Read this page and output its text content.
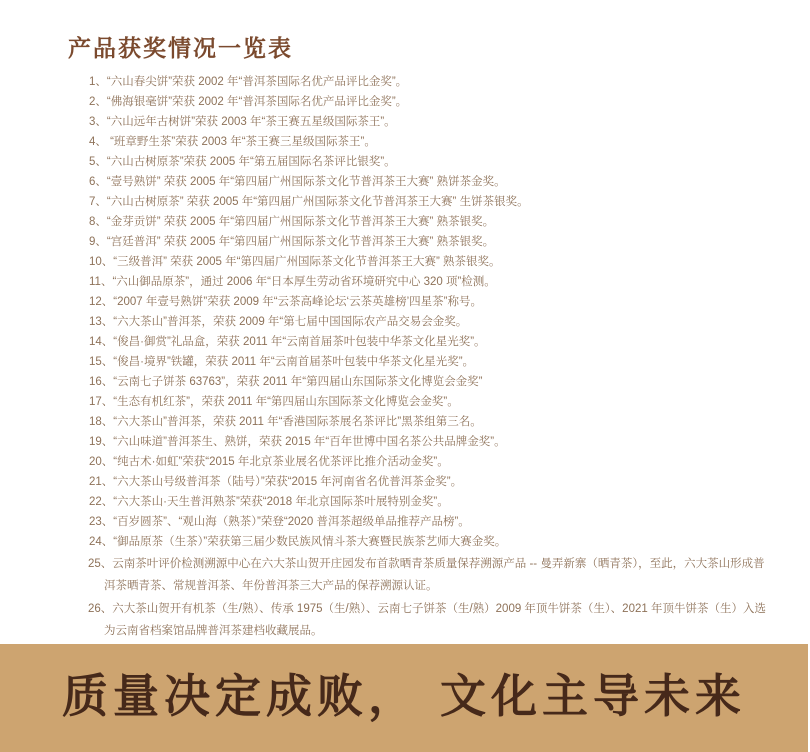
产品获奖情况一览表
1、“六山春尖饼”荣获 2002 年“普洱茶国际名优产品评比金奖”。
2、“佛海银毫饼”荣获 2002 年“普洱茶国际名优产品评比金奖”。
3、“六山远年古树饼”荣获 2003 年“茶王赛五星级国际茶王”。
4、 “班章野生茶”荣获 2003 年“茶王赛三星级国际茶王”。
5、“六山古树原茶”荣获 2005 年“第五届国际名茶评比银奖”。
6、“壹号熟饼” 荣获 2005 年“第四届广州国际茶文化节普洱茶王大赛” 熟饼茶金奖。
7、“六山古树原茶” 荣获 2005 年“第四届广州国际茶文化节普洱茶王大赛” 生饼茶银奖。
8、“金芽贡饼” 荣获 2005 年“第四届广州国际茶文化节普洱茶王大赛” 熟茶银奖。
9、“宫廷普洱” 荣获 2005 年“第四届广州国际茶文化节普洱茶王大赛” 熟茶银奖。
10、“三级普洱” 荣获 2005 年“第四届广州国际茶文化节普洱茶王大赛” 熟茶银奖。
11、“六山御品原茶”，通过 2006 年“日本厚生劳动省环境研究中心 320 项”检测。
12、“2007 年壹号熟饼”荣获 2009 年“云茶高峰论坛‘云茶英雄榜’四星茶”称号。
13、“六大茶山”普洱茶，荣获 2009 年“第七届中国国际农产品交易会金奖。
14、“俊昌·御赏”礼品盒，荣获 2011 年“云南首届茶叶包装中华茶文化星光奖”。
15、“俊昌·境界”铁罐，荣获 2011 年“云南首届茶叶包装中华茶文化星光奖”。
16、“云南七子饼茶 63763”，荣获 2011 年“第四届山东国际茶文化博览会金奖”
17、“生态有机红茶”，荣获 2011 年“第四届山东国际茶文化博览会金奖”。
18、“六大茶山”普洱茶，荣获 2011 年“香港国际茶展名茶评比”黑茶组第三名。
19、“六山味道”普洱茶生、熟饼，荣获 2015 年“百年世博中国名茶公共品牌金奖”。
20、“纯古术·如虹”荣获“2015 年北京茶业展名优茶评比推介活动金奖”。
21、“六大茶山号级普洱茶（陆号）”荣获“2015 年河南省名优普洱茶金奖”。
22、“六大茶山·天生普洱熟茶”荣获“2018 年北京国际茶叶展特别金奖”。
23、“百岁圆茶”、“观山海（熟茶）”荣登“2020 普洱茶超级单品推荐产品榜”。
24、“御品原茶（生茶）”荣获第三届少数民族风情斗茶大赛暨民族茶艺师大赛金奖。
25、云南茶叶评价检测溯源中心在六大茶山贺开庄园发布首款晒青茶质量保荐溯源产品 -- 曼弄新寨（晒青茶），至此，六大茶山形成普洱茶晒青茶、常规普洱茶、年份普洱茶三大产品的保荐溯源认证。
26、六大茶山贺开有机茶（生/熟）、传承 1975（生/熟）、云南七子饼茶（生/熟）2009 年顶牛饼茶（生）、2021 年顶牛饼茶（生）入选为云南省档案馆品牌普洱茶建档收藏展品。
质量决定成败， 文化主导未来
